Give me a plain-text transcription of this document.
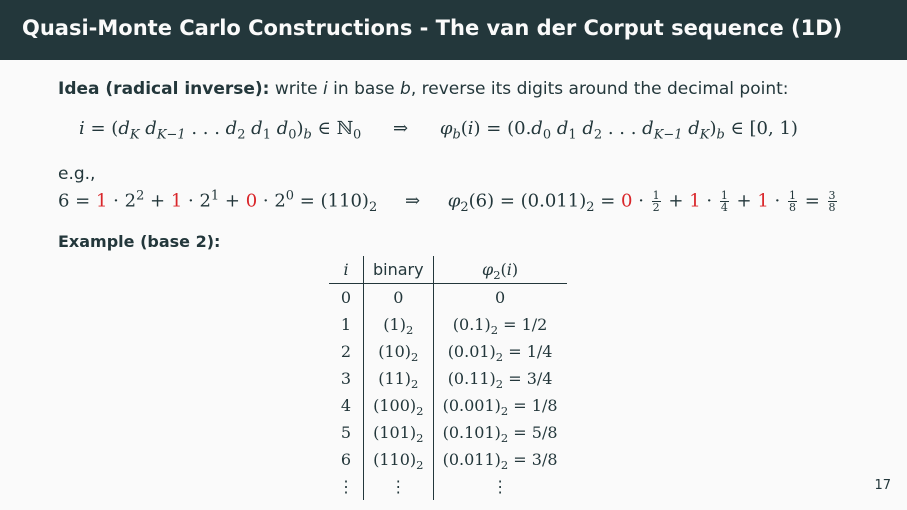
Quasi-Monte Carlo Constructions - The van der Corput sequence (1D)
Idea (radical inverse): write i in base b, reverse its digits around the decimal point:
$i = (d_K$ $d_{K-1}$ . . . $d_2$ $d_1$ $d_0)_b$ ∈ ℕ$_0$ ⇒ $\varphi_b(i) = (0.d_0$ $d_1$ $d_2$ . . . $d_{K-1}$ $d_K)_b$ ∈ [0, 1)
e.g.,
$6 = 1 \cdot 2^2 + 1 \cdot 2^1 + 0 \cdot 2^0 = (110)_2$ ⇒ $\varphi_2(6) = (0.011)_2 = 0 \cdot \frac{1}{2} + 1 \cdot \frac{1}{4} + 1 \cdot \frac{1}{8} = \frac{3}{8}$
Example (base 2):
i	binary	$\varphi_2(i)$
0	0	0
1	$(1)_2$	$(0.1)_2 = 1/2$
2	$(10)_2$	$(0.01)_2 = 1/4$
3	$(11)_2$	$(0.11)_2 = 3/4$
4	$(100)_2$	$(0.001)_2 = 1/8$
5	$(101)_2$	$(0.101)_2 = 5/8$
6	$(110)_2$	$(0.011)_2 = 3/8$
⋮	⋮	⋮	17
